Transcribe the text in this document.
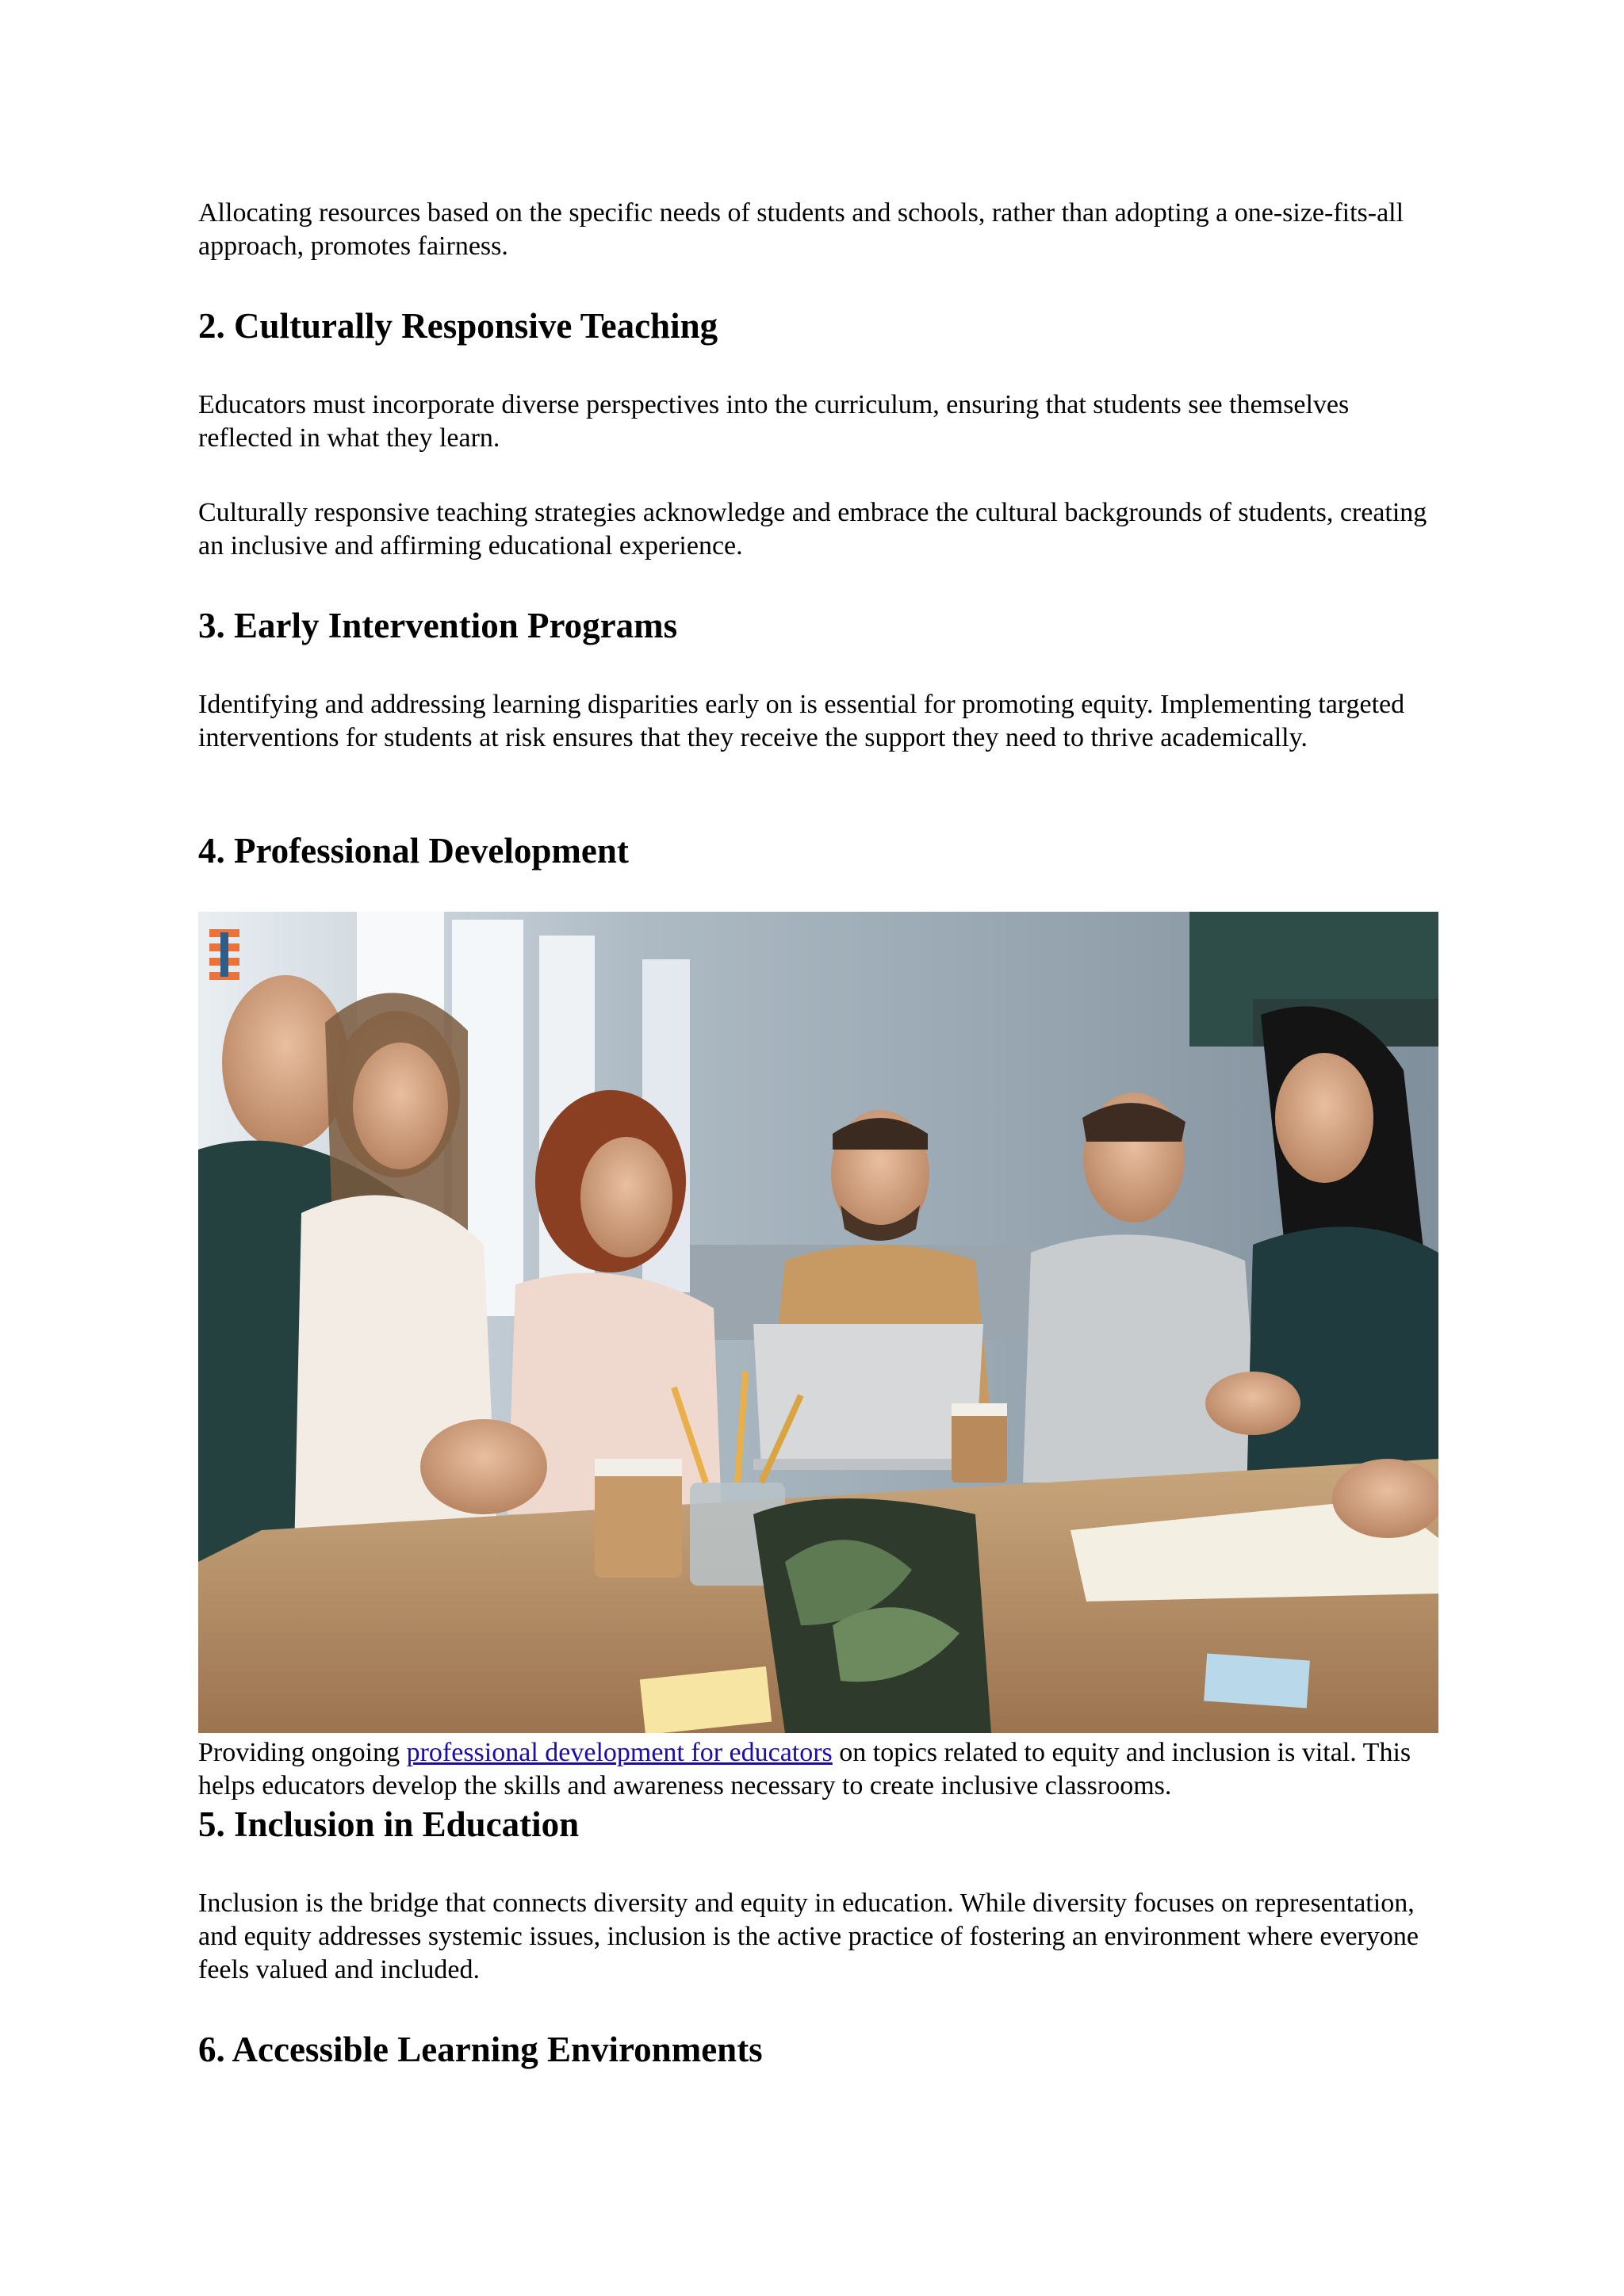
Allocating resources based on the specific needs of students and schools, rather than adopting a one-size-fits-all approach, promotes fairness.

2. Culturally Responsive Teaching

Educators must incorporate diverse perspectives into the curriculum, ensuring that students see themselves reflected in what they learn.

Culturally responsive teaching strategies acknowledge and embrace the cultural backgrounds of students, creating an inclusive and affirming educational experience.

3. Early Intervention Programs

Identifying and addressing learning disparities early on is essential for promoting equity. Implementing targeted interventions for students at risk ensures that they receive the support they need to thrive academically.

4. Professional Development

Providing ongoing professional development for educators on topics related to equity and inclusion is vital. This helps educators develop the skills and awareness necessary to create inclusive classrooms.

5. Inclusion in Education

Inclusion is the bridge that connects diversity and equity in education. While diversity focuses on representation, and equity addresses systemic issues, inclusion is the active practice of fostering an environment where everyone feels valued and included.

6. Accessible Learning Environments
